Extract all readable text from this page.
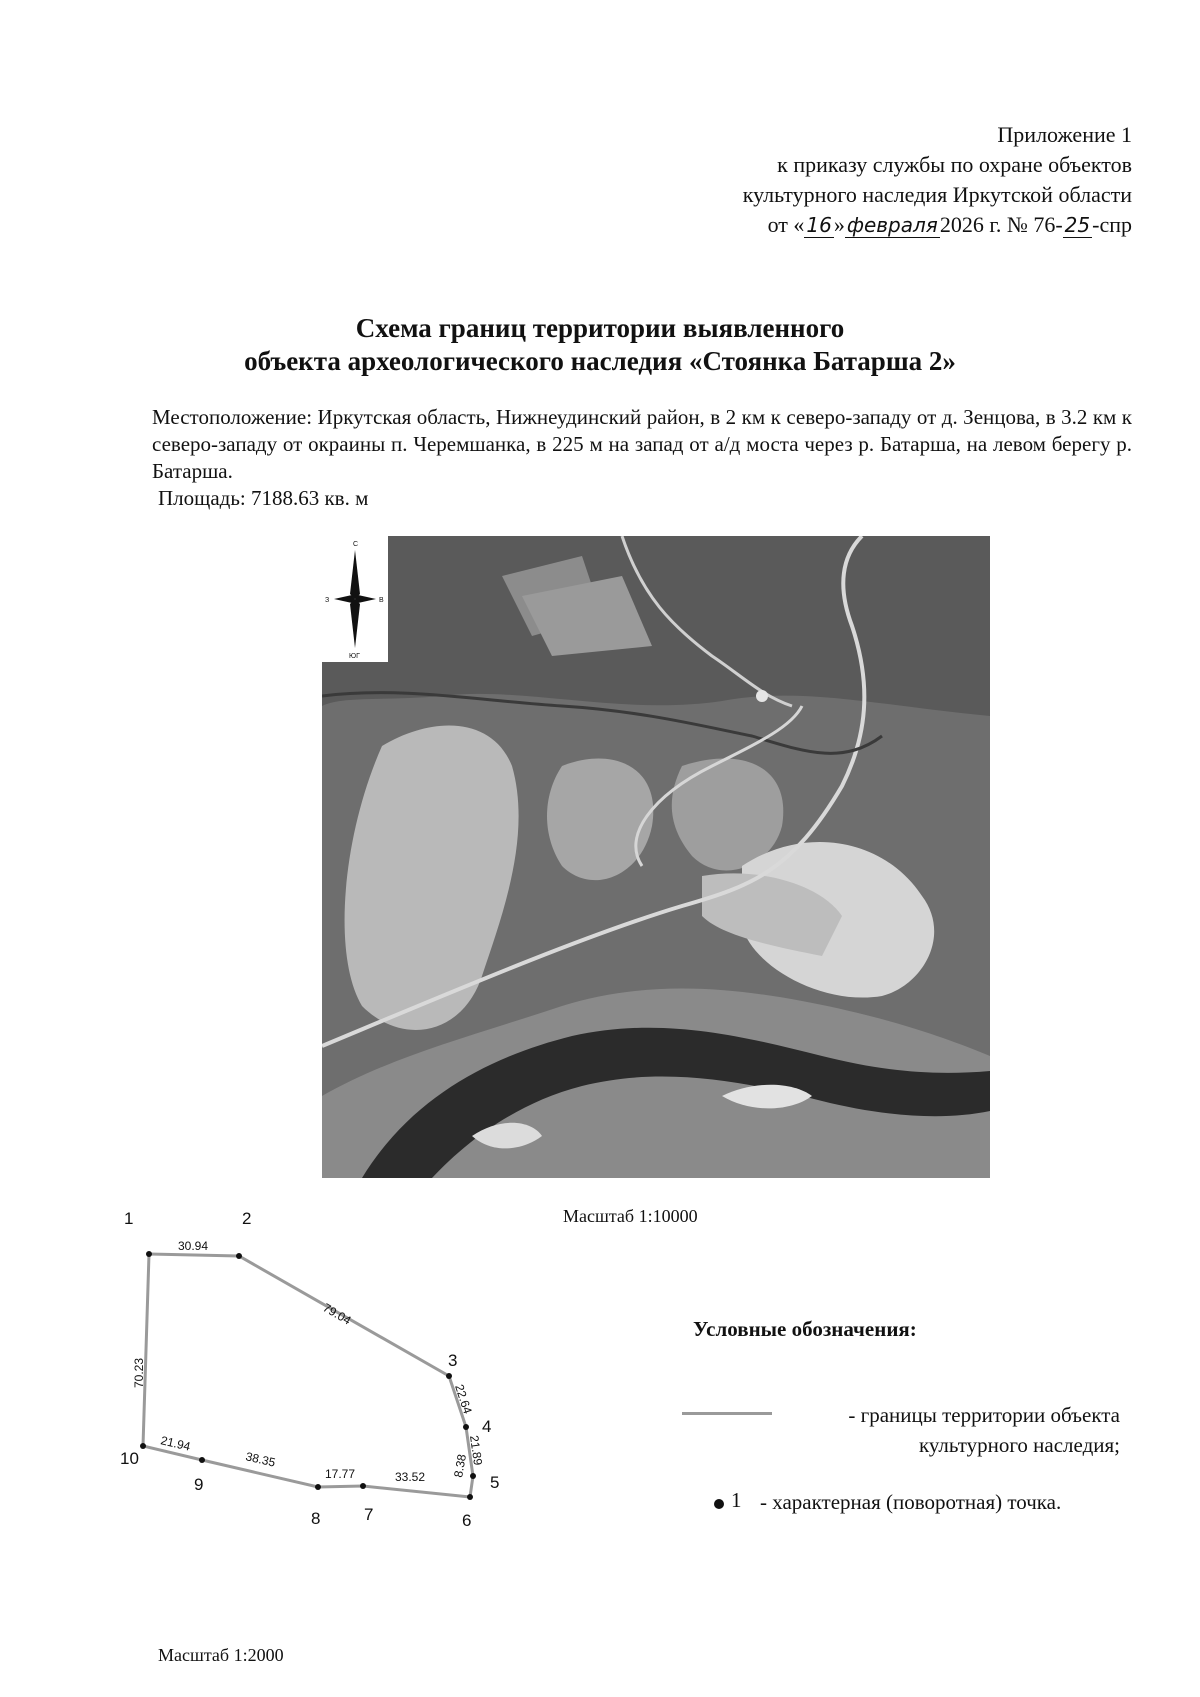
Приложение 1
к приказу службы по охране объектов
культурного наследия Иркутской области
от « 16» февраля2026 г. № 76- 25-спр
Схема границ территории выявленного
объекта археологического наследия «Стоянка Батарша 2»
Местоположение: Иркутская область, Нижнеудинский район, в 2 км к северо-западу от д. Зенцова, в 3.2 км к северо-западу от окраины п. Черемшанка, в 225 м на запад от а/д моста через р. Батарша, на левом берегу р. Батарша.
Площадь: 7188.63 кв. м
С
З	В
ЮГ
Масштаб 1:10000
1	2
3
4
5
6
7
8
9
10
30.94
79.04
22.64
21.89
8.38
33.52
17.77
38.35
21.94
70.23
Масштаб 1:2000
Условные обозначения:
- границы территории объекта
культурного наследия;
1 - характерная (поворотная) точка.
